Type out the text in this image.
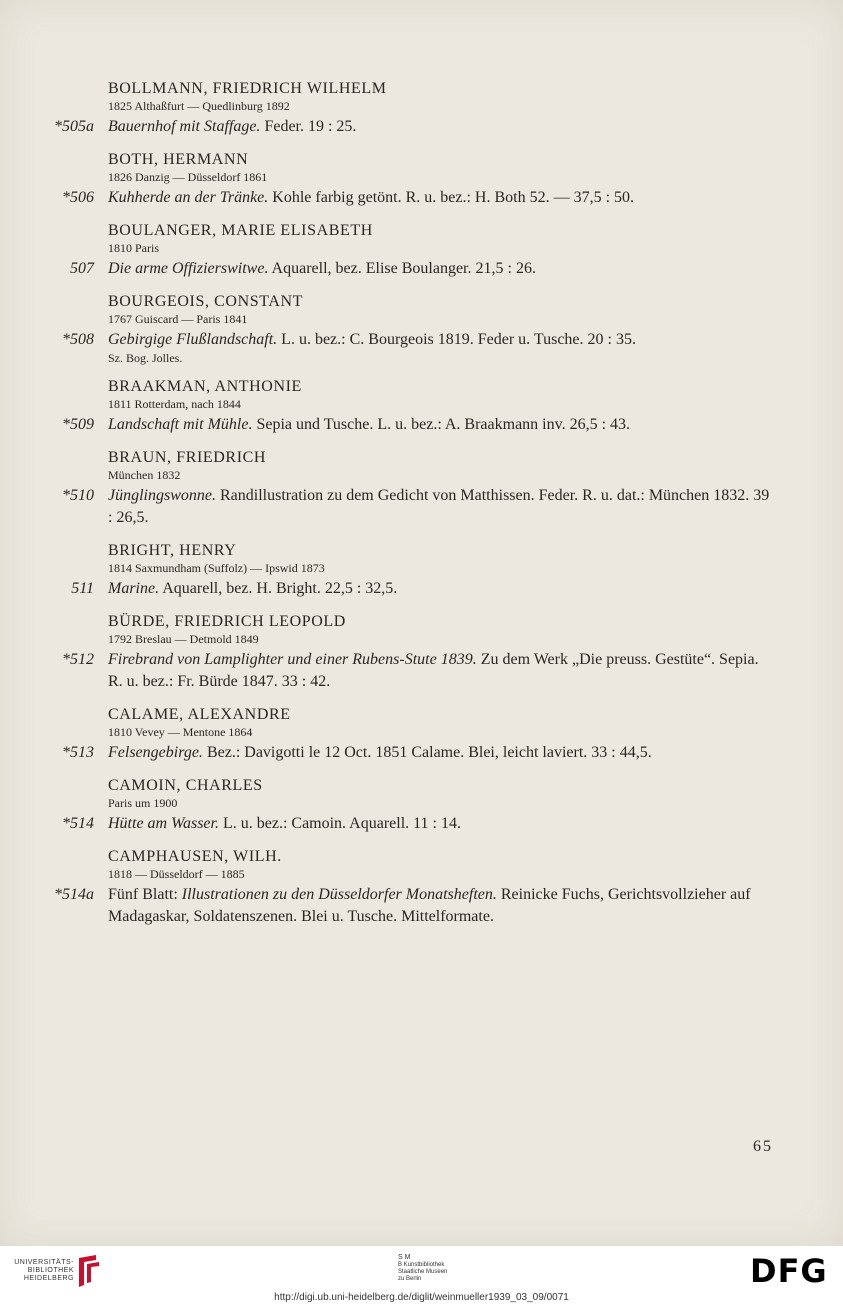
BOLLMANN, FRIEDRICH WILHELM
1825 Althaßfurt — Quedlinburg 1892
*505a Bauernhof mit Staffage. Feder. 19 : 25.
BOTH, HERMANN
1826 Danzig — Düsseldorf 1861
*506 Kuhherde an der Tränke. Kohle farbig getönt. R. u. bez.: H. Both 52. — 37,5 : 50.
BOULANGER, MARIE ELISABETH
1810 Paris
507 Die arme Offizierswitwe. Aquarell, bez. Elise Boulanger. 21,5 : 26.
BOURGEOIS, CONSTANT
1767 Guiscard — Paris 1841
*508 Gebirgige Flußlandschaft. L. u. bez.: C. Bourgeois 1819. Feder u. Tusche. 20 : 35.
Sz. Bog. Jolles.
BRAAKMAN, ANTHONIE
1811 Rotterdam, nach 1844
*509 Landschaft mit Mühle. Sepia und Tusche. L. u. bez.: A. Braakmann inv. 26,5 : 43.
BRAUN, FRIEDRICH
München 1832
*510 Jünglingswonne. Randillustration zu dem Gedicht von Matthissen. Feder. R. u. dat.: München 1832. 39 : 26,5.
BRIGHT, HENRY
1814 Saxmundham (Suffolz) — Ipswid 1873
511 Marine. Aquarell, bez. H. Bright. 22,5 : 32,5.
BÜRDE, FRIEDRICH LEOPOLD
1792 Breslau — Detmold 1849
*512 Firebrand von Lamplighter und einer Rubens-Stute 1839. Zu dem Werk „Die preuss. Gestüte“. Sepia. R. u. bez.: Fr. Bürde 1847. 33 : 42.
CALAME, ALEXANDRE
1810 Vevey — Mentone 1864
*513 Felsengebirge. Bez.: Davigotti le 12 Oct. 1851 Calame. Blei, leicht laviert. 33 : 44,5.
CAMOIN, CHARLES
Paris um 1900
*514 Hütte am Wasser. L. u. bez.: Camoin. Aquarell. 11 : 14.
CAMPHAUSEN, WILH.
1818 — Düsseldorf — 1885
*514a Fünf Blatt: Illustrationen zu den Düsseldorfer Monatsheften. Reinicke Fuchs, Gerichtsvollzieher auf Madagaskar, Soldatenszenen. Blei u. Tusche. Mittelformate.
65
UNIVERSITÄTS-
BIBLIOTHEK
HEIDELBERG
S M
B Kunstbibliothek
Staatliche Museen
zu Berlin	DFG
http://digi.ub.uni-heidelberg.de/diglit/weinmueller1939_03_09/0071
